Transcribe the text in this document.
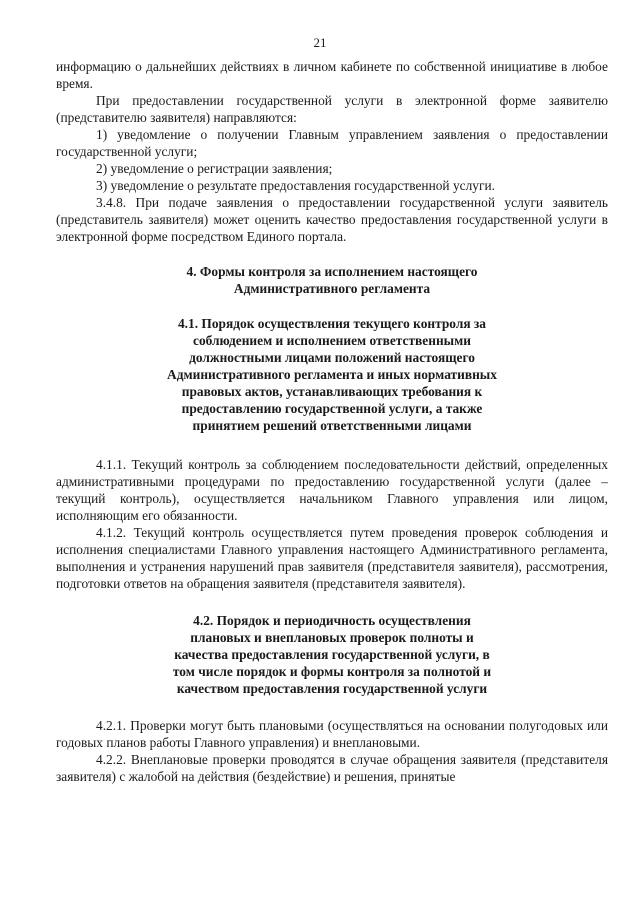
21

информацию о дальнейших действиях в личном кабинете по собственной инициативе в любое время.

При предоставлении государственной услуги в электронной форме заявителю (представителю заявителя) направляются:

1) уведомление о получении Главным управлением заявления о предоставлении государственной услуги;

2) уведомление о регистрации заявления;

3) уведомление о результате предоставления государственной услуги.

3.4.8. При подаче заявления о предоставлении государственной услуги заявитель (представитель заявителя) может оценить качество предоставления государственной услуги в электронной форме посредством Единого портала.

4. Формы контроля за исполнением настоящего Административного регламента

4.1. Порядок осуществления текущего контроля за соблюдением и исполнением ответственными должностными лицами положений настоящего Административного регламента и иных нормативных правовых актов, устанавливающих требования к предоставлению государственной услуги, а также принятием решений ответственными лицами

4.1.1. Текущий контроль за соблюдением последовательности действий, определенных административными процедурами по предоставлению государственной услуги (далее – текущий контроль), осуществляется начальником Главного управления или лицом, исполняющим его обязанности.

4.1.2. Текущий контроль осуществляется путем проведения проверок соблюдения и исполнения специалистами Главного управления настоящего Административного регламента, выполнения и устранения нарушений прав заявителя (представителя заявителя), рассмотрения, подготовки ответов на обращения заявителя (представителя заявителя).

4.2. Порядок и периодичность осуществления плановых и внеплановых проверок полноты и качества предоставления государственной услуги, в том числе порядок и формы контроля за полнотой и качеством предоставления государственной услуги

4.2.1. Проверки могут быть плановыми (осуществляться на основании полугодовых или годовых планов работы Главного управления) и внеплановыми.

4.2.2. Внеплановые проверки проводятся в случае обращения заявителя (представителя заявителя) с жалобой на действия (бездействие) и решения, принятые
